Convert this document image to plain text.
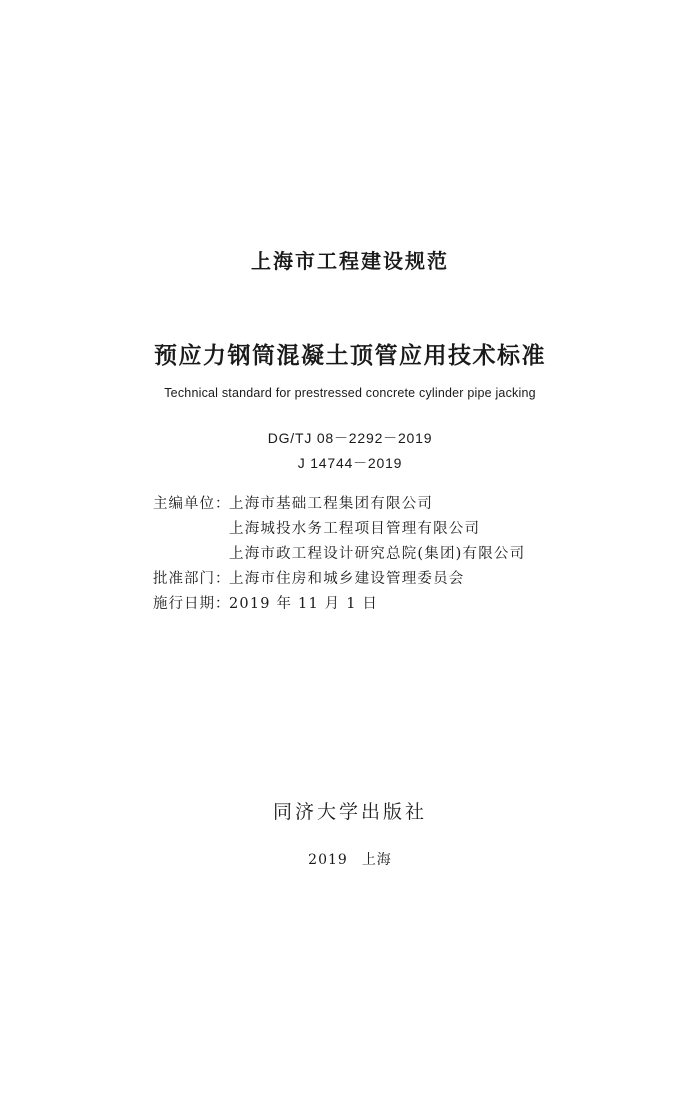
上海市工程建设规范
预应力钢筒混凝土顶管应用技术标准
Technical standard for prestressed concrete cylinder pipe jacking
DG/TJ 08－2292－2019
J 14744－2019
主编单位：上海市基础工程集团有限公司
上海城投水务工程项目管理有限公司
上海市政工程设计研究总院(集团)有限公司
批准部门：上海市住房和城乡建设管理委员会
施行日期：2019 年 11 月 1 日
同济大学出版社
2019 上海
